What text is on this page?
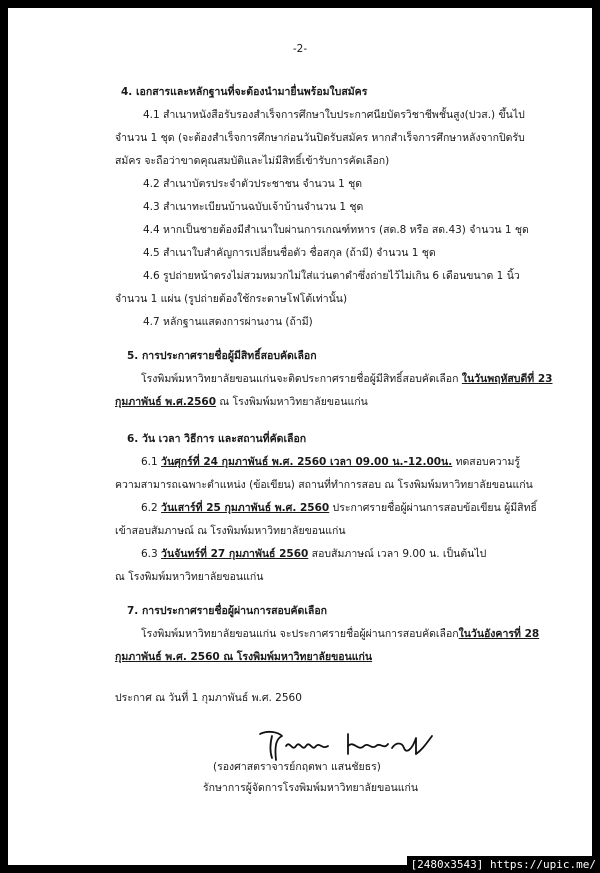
-2-
4. เอกสารและหลักฐานที่จะต้องนำมายื่นพร้อมใบสมัคร
4.1 สำเนาหนังสือรับรองสำเร็จการศึกษาใบประกาศนียบัตรวิชาชีพชั้นสูง(ปวส.) ขึ้นไป
จำนวน 1 ชุด (จะต้องสำเร็จการศึกษาก่อนวันปิดรับสมัคร หากสำเร็จการศึกษาหลังจากปิดรับ
สมัคร จะถือว่าขาดคุณสมบัติและไม่มีสิทธิ์เข้ารับการคัดเลือก)
4.2 สำเนาบัตรประจำตัวประชาชน จำนวน 1 ชุด
4.3 สำเนาทะเบียนบ้านฉบับเจ้าบ้านจำนวน 1 ชุด
4.4 หากเป็นชายต้องมีสำเนาใบผ่านการเกณฑ์ทหาร (สด.8 หรือ สด.43) จำนวน 1 ชุด
4.5 สำเนาใบสำคัญการเปลี่ยนชื่อตัว ชื่อสกุล (ถ้ามี) จำนวน 1 ชุด
4.6 รูปถ่ายหน้าตรงไม่สวมหมวกไม่ใส่แว่นตาดำซึ่งถ่ายไว้ไม่เกิน 6 เดือนขนาด 1 นิ้ว
จำนวน 1 แผ่น (รูปถ่ายต้องใช้กระดาษโฟโต้เท่านั้น)
4.7 หลักฐานแสดงการผ่านงาน (ถ้ามี)
5. การประกาศรายชื่อผู้มีสิทธิ์สอบคัดเลือก
โรงพิมพ์มหาวิทยาลัยขอนแก่นจะติดประกาศรายชื่อผู้มีสิทธิ์สอบคัดเลือก ในวันพฤหัสบดีที่ 23
กุมภาพันธ์ พ.ศ.2560 ณ โรงพิมพ์มหาวิทยาลัยขอนแก่น
6. วัน เวลา วิธีการ และสถานที่คัดเลือก
6.1 วันศุกร์ที่ 24 กุมภาพันธ์ พ.ศ. 2560 เวลา 09.00 น.-12.00น. ทดสอบความรู้
ความสามารถเฉพาะตำแหน่ง (ข้อเขียน) สถานที่ทำการสอบ ณ โรงพิมพ์มหาวิทยาลัยขอนแก่น
6.2 วันเสาร์ที่ 25 กุมภาพันธ์ พ.ศ. 2560 ประกาศรายชื่อผู้ผ่านการสอบข้อเขียน ผู้มีสิทธิ์
เข้าสอบสัมภาษณ์ ณ โรงพิมพ์มหาวิทยาลัยขอนแก่น
6.3 วันจันทร์ที่ 27 กุมภาพันธ์ 2560 สอบสัมภาษณ์ เวลา 9.00 น. เป็นต้นไป
ณ โรงพิมพ์มหาวิทยาลัยขอนแก่น
7. การประกาศรายชื่อผู้ผ่านการสอบคัดเลือก
โรงพิมพ์มหาวิทยาลัยขอนแก่น จะประกาศรายชื่อผู้ผ่านการสอบคัดเลือกในวันอังคารที่ 28
กุมภาพันธ์ พ.ศ. 2560 ณ โรงพิมพ์มหาวิทยาลัยขอนแก่น
ประกาศ ณ วันที่ 1 กุมภาพันธ์ พ.ศ. 2560
(รองศาสตราจารย์กฤตพา แสนชัยธร)
รักษาการผู้จัดการโรงพิมพ์มหาวิทยาลัยขอนแก่น
[2480x3543] https://upic.me/
